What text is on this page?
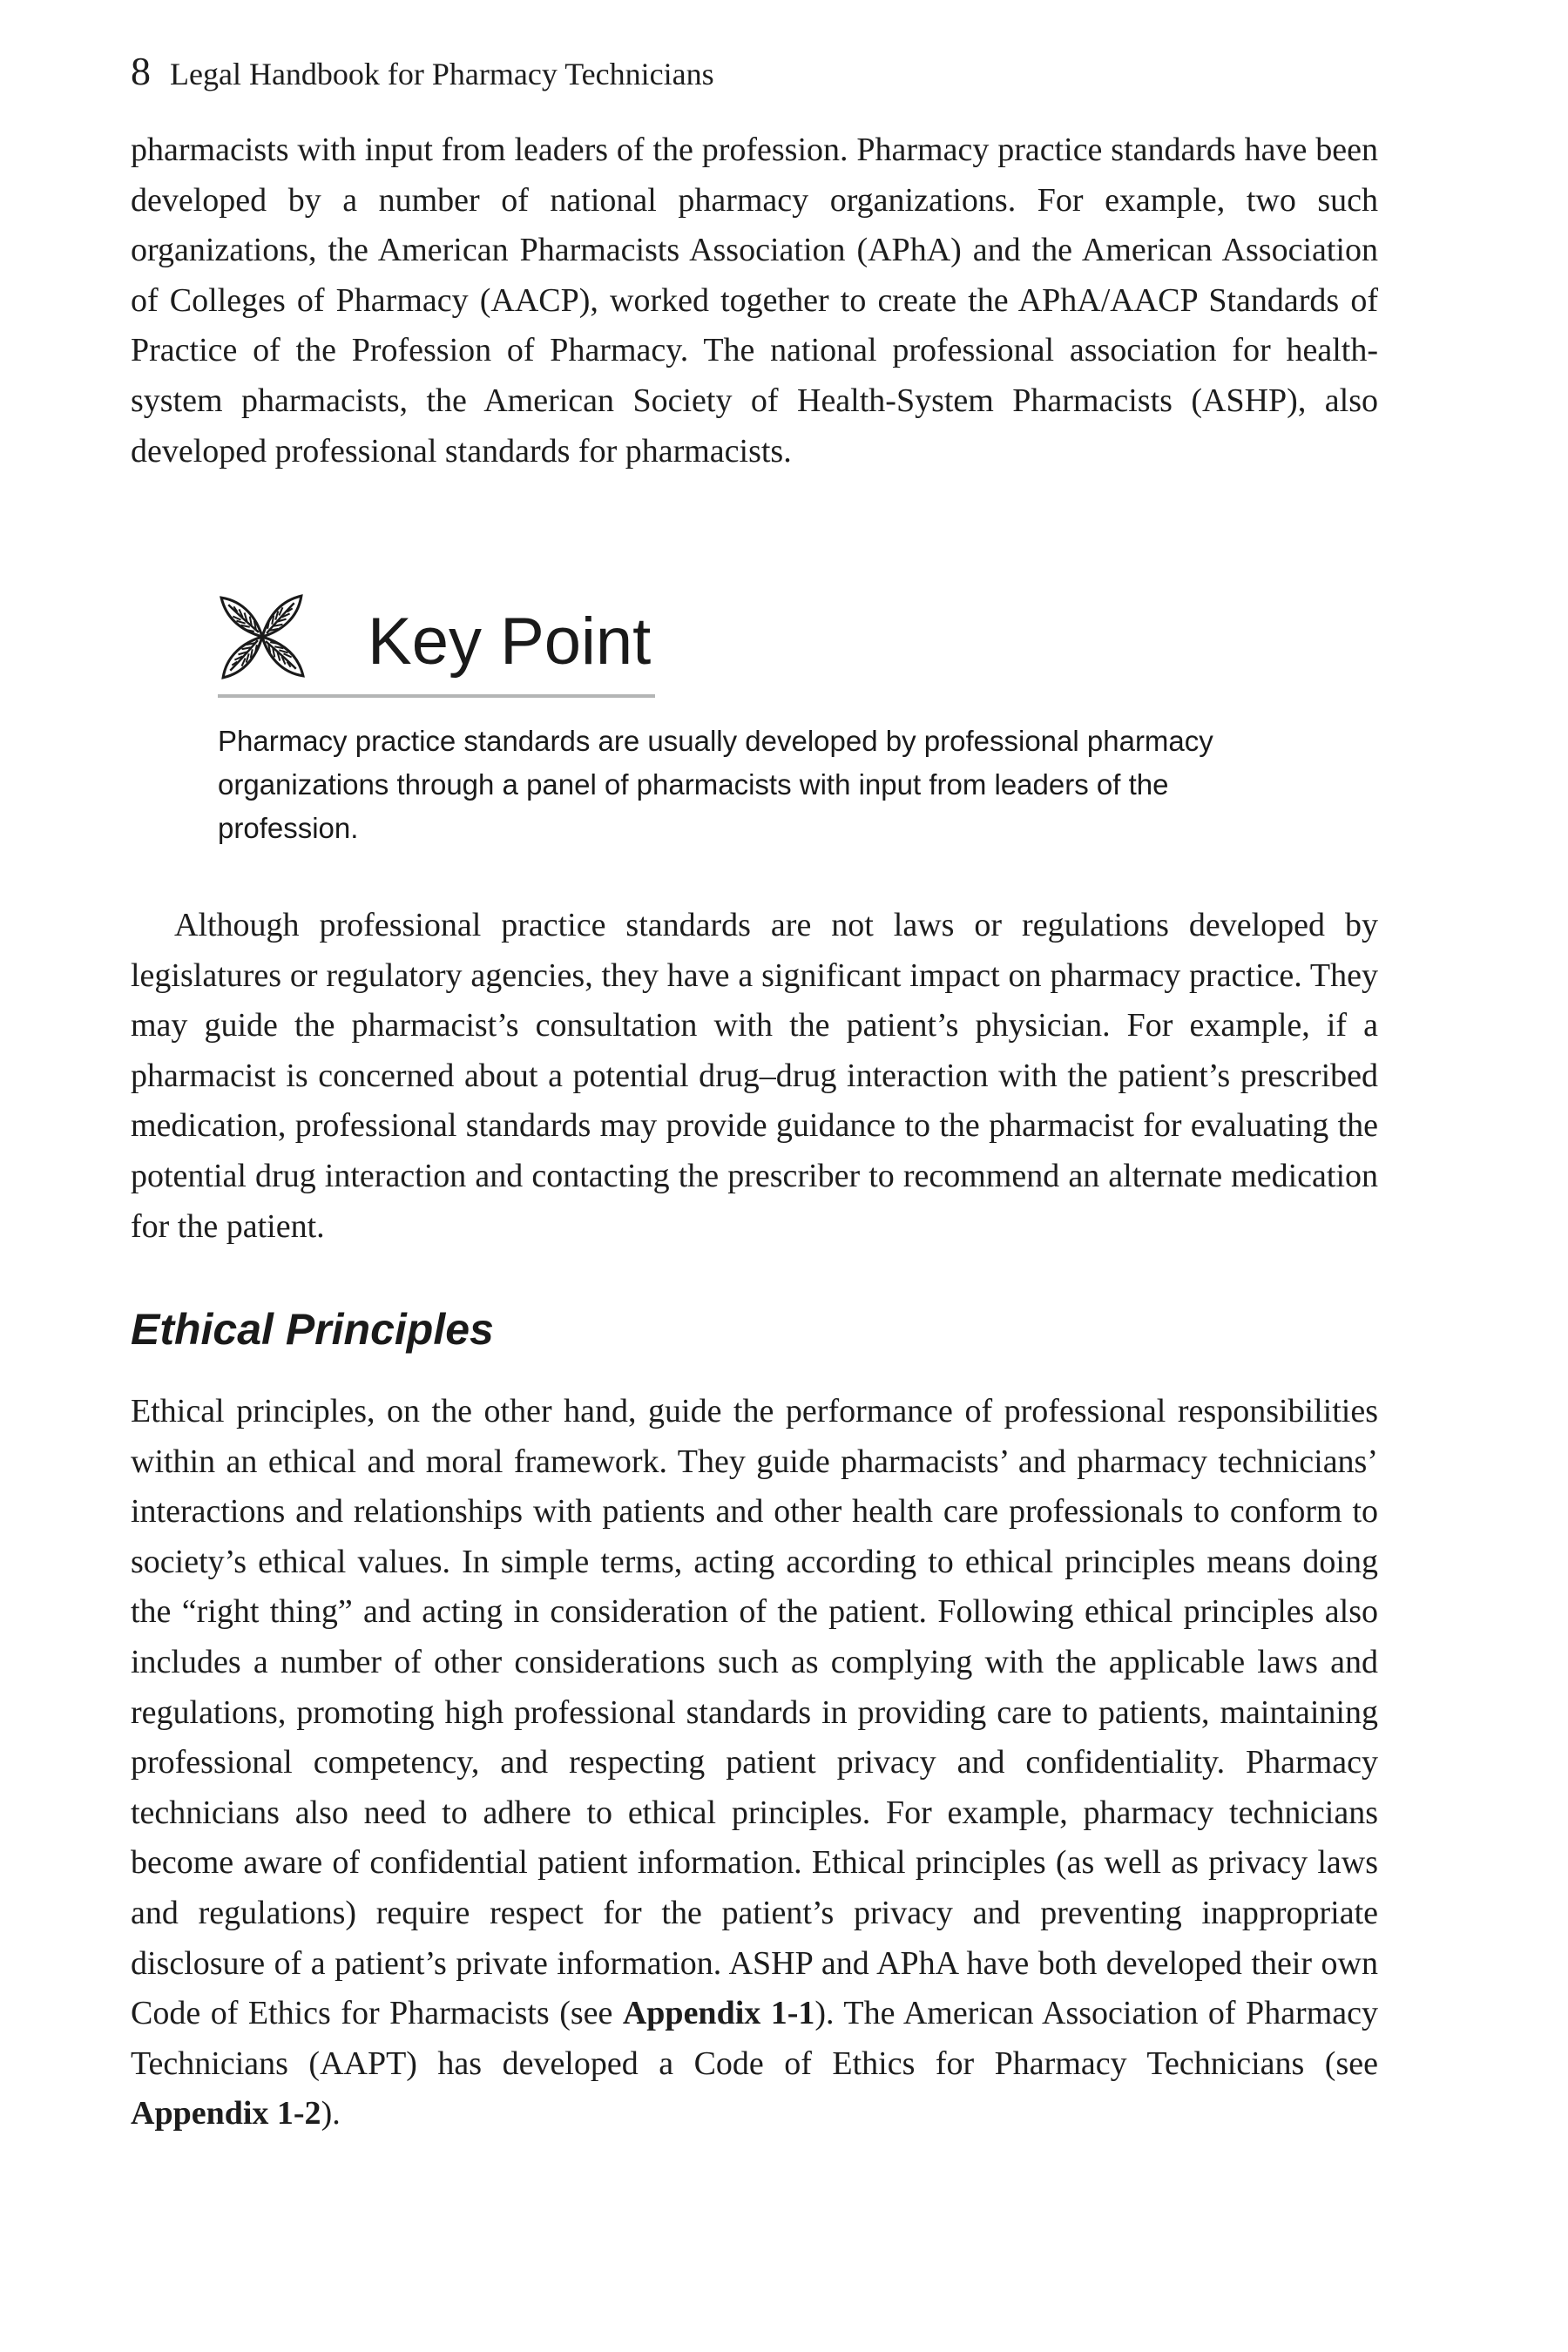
8 Legal Handbook for Pharmacy Technicians

pharmacists with input from leaders of the profession. Pharmacy practice standards have been developed by a number of national pharmacy organizations. For example, two such organizations, the American Pharmacists Association (APhA) and the American Association of Colleges of Pharmacy (AACP), worked together to create the APhA/AACP Standards of Practice of the Profession of Pharmacy. The national professional association for health-system pharmacists, the American Society of Health-System Pharmacists (ASHP), also developed professional standards for pharmacists.

Key Point

Pharmacy practice standards are usually developed by professional pharmacy organizations through a panel of pharmacists with input from leaders of the profession.

Although professional practice standards are not laws or regulations developed by legislatures or regulatory agencies, they have a significant impact on pharmacy practice. They may guide the pharmacist’s consultation with the patient’s physician. For example, if a pharmacist is concerned about a potential drug–drug interaction with the patient’s prescribed medication, professional standards may provide guidance to the pharmacist for evaluating the potential drug interaction and contacting the prescriber to recommend an alternate medication for the patient.

Ethical Principles

Ethical principles, on the other hand, guide the performance of professional responsibilities within an ethical and moral framework. They guide pharmacists’ and pharmacy technicians’ interactions and relationships with patients and other health care professionals to conform to society’s ethical values. In simple terms, acting according to ethical principles means doing the “right thing” and acting in consideration of the patient. Following ethical principles also includes a number of other considerations such as complying with the applicable laws and regulations, promoting high professional standards in providing care to patients, maintaining professional competency, and respecting patient privacy and confidentiality. Pharmacy technicians also need to adhere to ethical principles. For example, pharmacy technicians become aware of confidential patient information. Ethical principles (as well as privacy laws and regulations) require respect for the patient’s privacy and preventing inappropriate disclosure of a patient’s private information. ASHP and APhA have both developed their own Code of Ethics for Pharmacists (see Appendix 1-1). The American Association of Pharmacy Technicians (AAPT) has developed a Code of Ethics for Pharmacy Technicians (see Appendix 1-2).
